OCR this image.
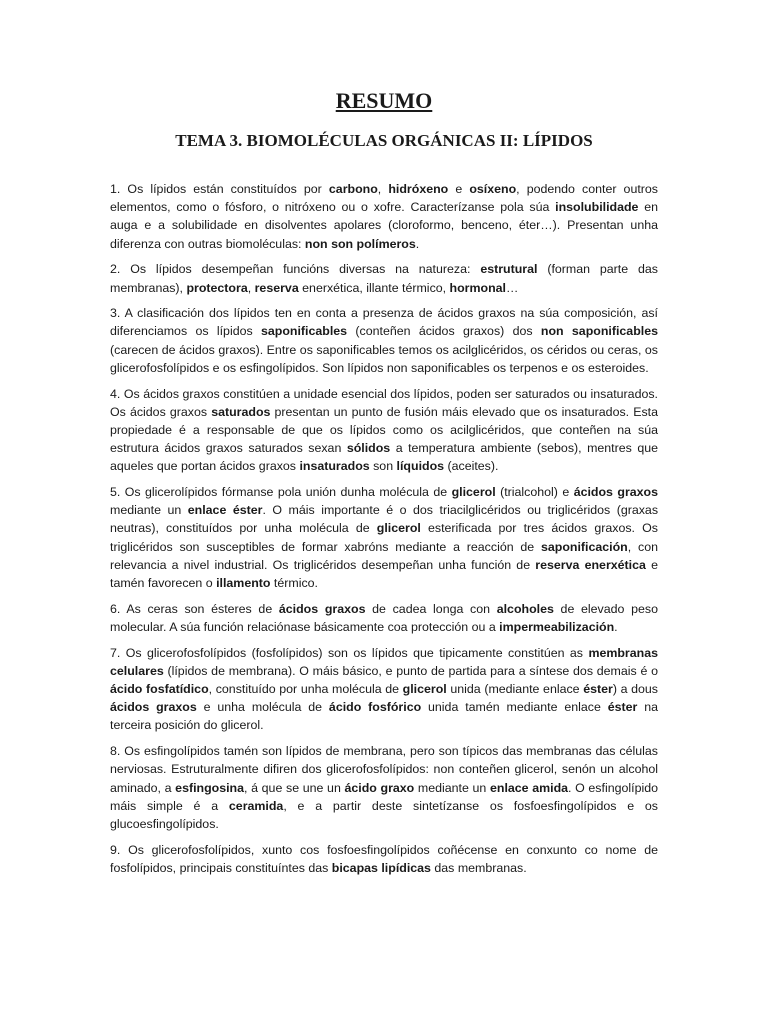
RESUMO
TEMA 3. BIOMOLÉCULAS ORGÁNICAS II: LÍPIDOS

1. Os lípidos están constituídos por carbono, hidróxeno e osíxeno, podendo conter outros elementos, como o fósforo, o nitróxeno ou o xofre. Caracterízanse pola súa insolubilidade en auga e a solubilidade en disolventes apolares (cloroformo, benceno, éter…). Presentan unha diferenza con outras biomoléculas: non son polímeros.

2. Os lípidos desempeñan funcións diversas na natureza: estrutural (forman parte das membranas), protectora, reserva enerxética, illante térmico, hormonal…

3. A clasificación dos lípidos ten en conta a presenza de ácidos graxos na súa composición, así diferenciamos os lípidos saponificables (conteñen ácidos graxos) dos non saponificables (carecen de ácidos graxos). Entre os saponificables temos os acilglicéridos, os céridos ou ceras, os glicerofosfolípidos e os esfingolípidos. Son lípidos non saponificables os terpenos e os esteroides.

4. Os ácidos graxos constitúen a unidade esencial dos lípidos, poden ser saturados ou insaturados. Os ácidos graxos saturados presentan un punto de fusión máis elevado que os insaturados. Esta propiedade é a responsable de que os lípidos como os acilglicéridos, que conteñen na súa estrutura ácidos graxos saturados sexan sólidos a temperatura ambiente (sebos), mentres que aqueles que portan ácidos graxos insaturados son líquidos (aceites).

5. Os glicerolípidos fórmanse pola unión dunha molécula de glicerol (trialcohol) e ácidos graxos mediante un enlace éster. O máis importante é o dos triacilglicéridos ou triglicéridos (graxas neutras), constituídos por unha molécula de glicerol esterificada por tres ácidos graxos. Os triglicéridos son susceptibles de formar xabróns mediante a reacción de saponificación, con relevancia a nivel industrial. Os triglicéridos desempeñan unha función de reserva enerxética e tamén favorecen o illamento térmico.

6. As ceras son ésteres de ácidos graxos de cadea longa con alcoholes de elevado peso molecular. A súa función relaciónase básicamente coa protección ou a impermeabilización.

7. Os glicerofosfolípidos (fosfolípidos) son os lípidos que tipicamente constitúen as membranas celulares (lípidos de membrana). O máis básico, e punto de partida para a síntese dos demais é o ácido fosfatídico, constituído por unha molécula de glicerol unida (mediante enlace éster) a dous ácidos graxos e unha molécula de ácido fosfórico unida tamén mediante enlace éster na terceira posición do glicerol.

8. Os esfingolípidos tamén son lípidos de membrana, pero son típicos das membranas das células nerviosas. Estruturalmente difiren dos glicerofosfolípidos: non conteñen glicerol, senón un alcohol aminado, a esfingosina, á que se une un ácido graxo mediante un enlace amida. O esfingolípido máis simple é a ceramida, e a partir deste sintetízanse os fosfoesfingolípidos e os glucoesfingolípidos.

9. Os glicerofosfolípidos, xunto cos fosfoesfingolípidos coñécense en conxunto co nome de fosfolípidos, principais constituíntes das bicapas lipídicas das membranas.
